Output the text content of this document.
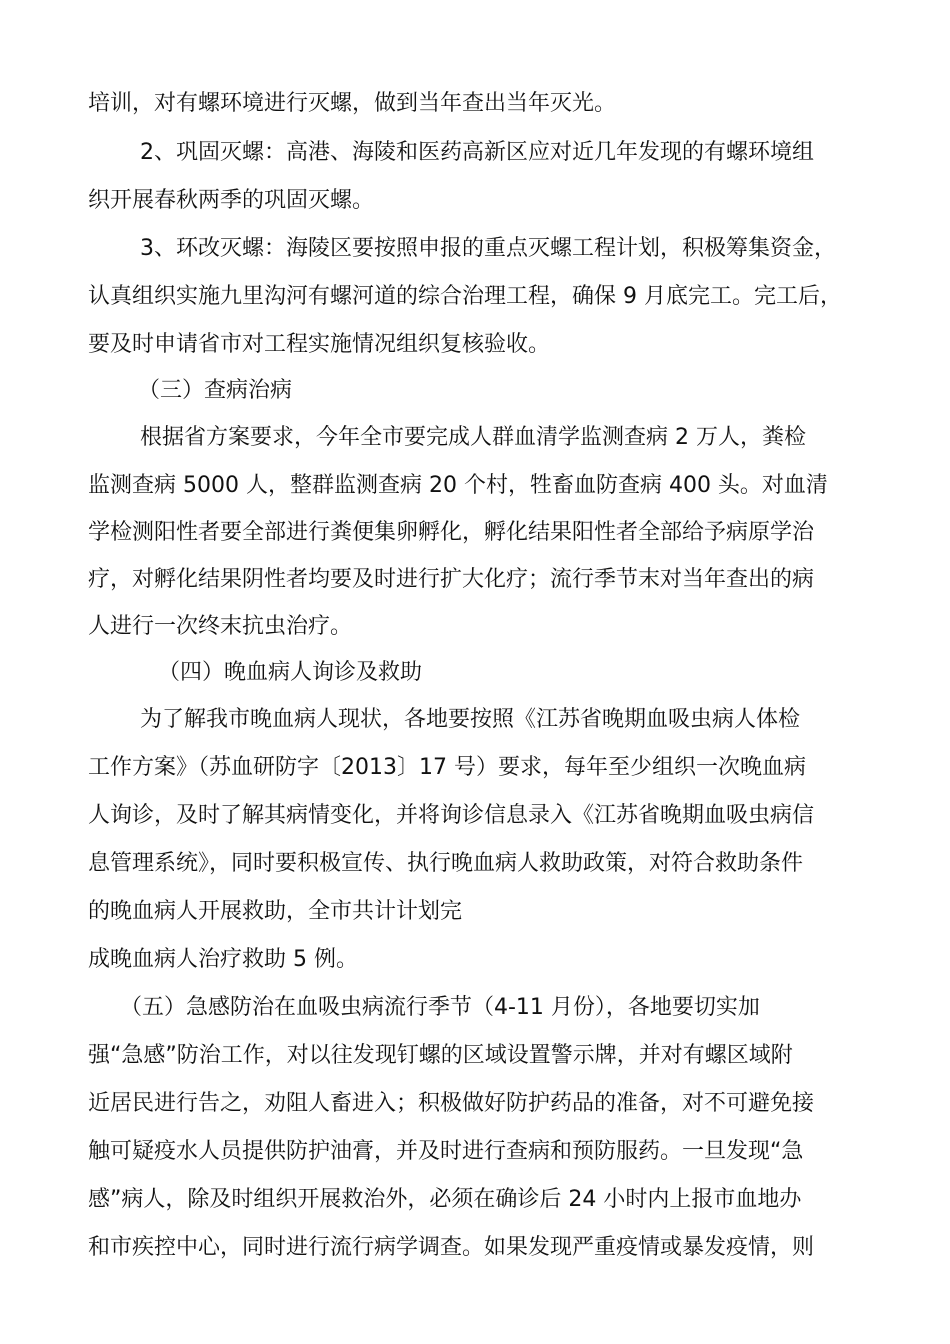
培训，对有螺环境进行灭螺，做到当年查出当年灭光。
2、巩固灭螺：高港、海陵和医药高新区应对近几年发现的有螺环境组
织开展春秋两季的巩固灭螺。
3、环改灭螺：海陵区要按照申报的重点灭螺工程计划，积极筹集资金，
认真组织实施九里沟河有螺河道的综合治理工程，确保 9 月底完工。完工后，
要及时申请省市对工程实施情况组织复核验收。
（三）查病治病
根据省方案要求，今年全市要完成人群血清学监测查病 2 万人，粪检
监测查病 5000 人，整群监测查病 20 个村，牲畜血防查病 400 头。对血清
学检测阳性者要全部进行粪便集卵孵化，孵化结果阳性者全部给予病原学治
疗，对孵化结果阴性者均要及时进行扩大化疗；流行季节末对当年查出的病
人进行一次终末抗虫治疗。
（四）晚血病人询诊及救助
为了解我市晚血病人现状，各地要按照《江苏省晚期血吸虫病人体检
工作方案》（苏血研防字〔2013〕17 号）要求，每年至少组织一次晚血病
人询诊，及时了解其病情变化，并将询诊信息录入《江苏省晚期血吸虫病信
息管理系统》，同时要积极宣传、执行晚血病人救助政策，对符合救助条件
的晚血病人开展救助，全市共计计划完
成晚血病人治疗救助 5 例。
（五）急感防治在血吸虫病流行季节（4-11 月份），各地要切实加
强“急感”防治工作，对以往发现钉螺的区域设置警示牌，并对有螺区域附
近居民进行告之，劝阻人畜进入；积极做好防护药品的准备，对不可避免接
触可疑疫水人员提供防护油膏，并及时进行查病和预防服药。一旦发现“急
感”病人，除及时组织开展救治外，必须在确诊后 24 小时内上报市血地办
和市疾控中心，同时进行流行病学调查。如果发现严重疫情或暴发疫情，则
